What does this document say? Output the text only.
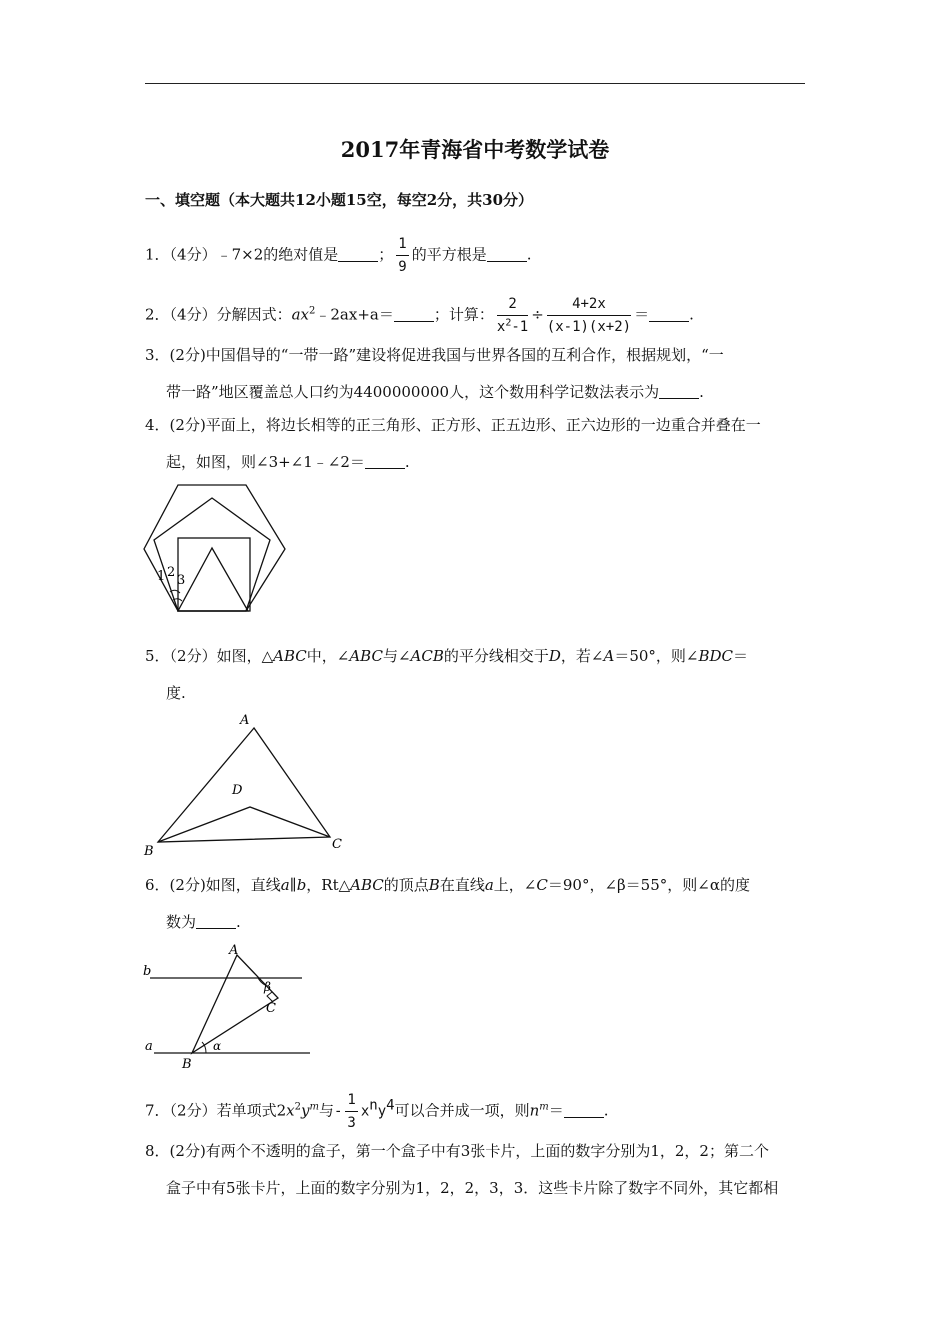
2017年青海省中考数学试卷
一、填空题（本大题共12小题15空，每空2分，共30分）
1．（4分）﹣7×2的绝对值是	； $\frac{1}{9}$ 的平方根是	.
2．（4分）分解因式：$ax^2﹣2ax+a=$	；计算： $\frac{2}{x^2-1} \div \frac{4+2x}{(x-1)(x+2)}$ ＝	.
3．(2分)中国倡导的“一带一路”建设将促进我国与世界各国的互利合作，根据规划，“一
带一路”地区覆盖总人口约为4400000000人，这个数用科学记数法表示为	.
4．(2分)平面上，将边长相等的正三角形、正方形、正五边形、正六边形的一边重合并叠在一
起，如图，则∠3+∠1﹣∠2＝	.
1 2
3
5．（2分）如图，△ABC中，∠ABC与∠ACB的平分线相交于D，若∠A＝50°，则∠BDC＝
度.
A
B	C
D
6．(2分)如图，直线a∥b，Rt△ABC的顶点B在直线a上，∠C＝90°，∠β＝55°，则∠α的度
数为	.
A
B
C
a
b
α
β
7．（2分）若单项式$2x^2y^m$与- $\frac{1}{3} x^ny^4$可以合并成一项，则$n^m=$	.
8．(2分)有两个不透明的盒子，第一个盒子中有3张卡片，上面的数字分别为1，2，2；第二个
盒子中有5张卡片，上面的数字分别为1，2，2，3，3．这些卡片除了数字不同外，其它都相
